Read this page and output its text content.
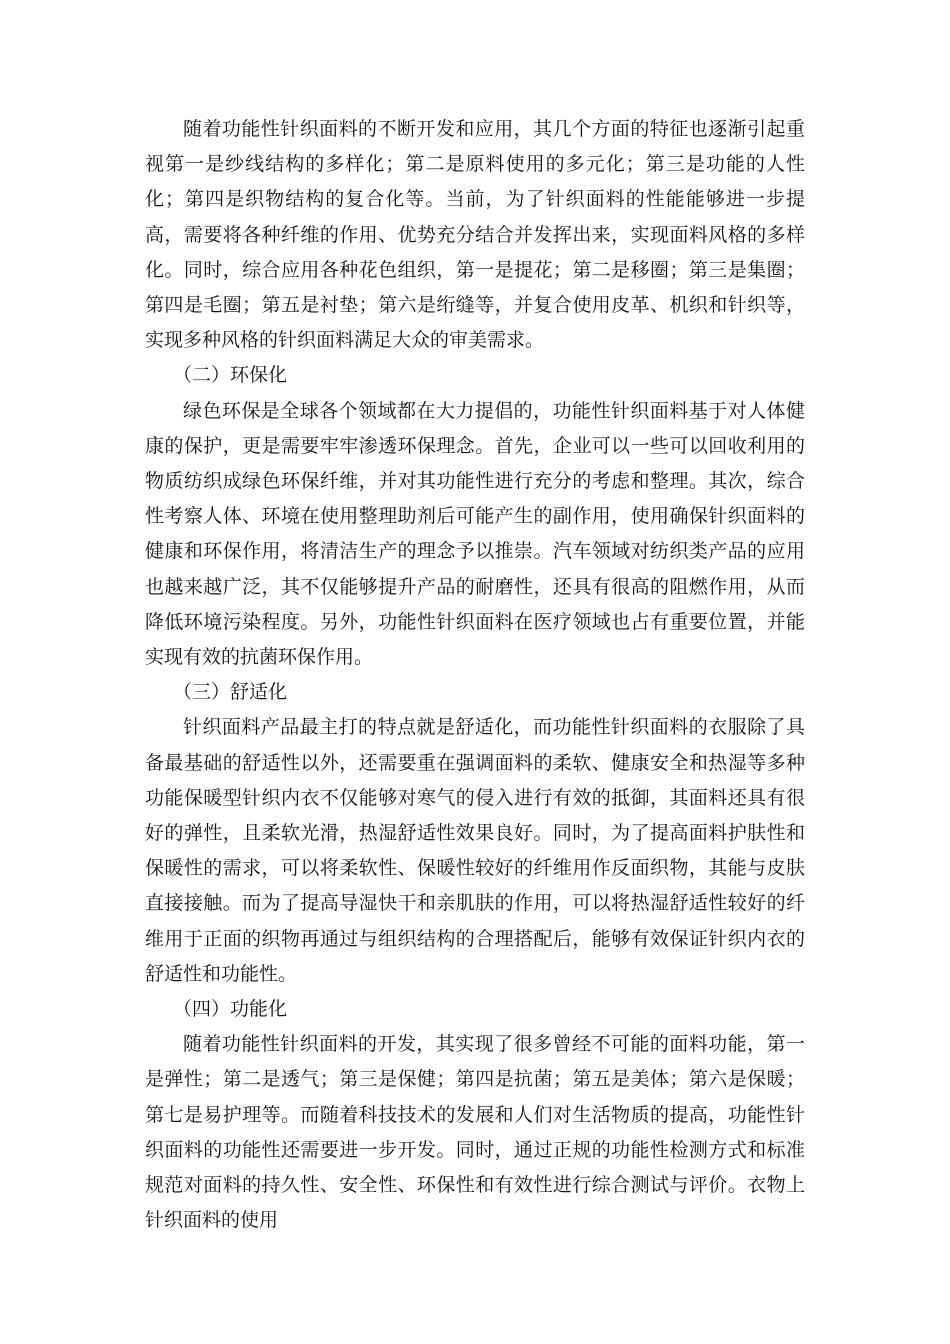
随着功能性针织面料的不断开发和应用，其几个方面的特征也逐渐引起重视第一是纱线结构的多样化；第二是原料使用的多元化；第三是功能的人性化；第四是织物结构的复合化等。当前，为了针织面料的性能能够进一步提高，需要将各种纤维的作用、优势充分结合并发挥出来，实现面料风格的多样化。同时，综合应用各种花色组织，第一是提花；第二是移圈；第三是集圈；第四是毛圈；第五是衬垫；第六是绗缝等，并复合使用皮革、机织和针织等，实现多种风格的针织面料满足大众的审美需求。

（二）环保化

绿色环保是全球各个领域都在大力提倡的，功能性针织面料基于对人体健康的保护，更是需要牢牢渗透环保理念。首先，企业可以一些可以回收利用的物质纺织成绿色环保纤维，并对其功能性进行充分的考虑和整理。其次，综合性考察人体、环境在使用整理助剂后可能产生的副作用，使用确保针织面料的健康和环保作用，将清洁生产的理念予以推崇。汽车领域对纺织类产品的应用也越来越广泛，其不仅能够提升产品的耐磨性，还具有很高的阻燃作用，从而降低环境污染程度。另外，功能性针织面料在医疗领域也占有重要位置，并能实现有效的抗菌环保作用。

（三）舒适化

针织面料产品最主打的特点就是舒适化，而功能性针织面料的衣服除了具备最基础的舒适性以外，还需要重在强调面料的柔软、健康安全和热湿等多种功能保暖型针织内衣不仅能够对寒气的侵入进行有效的抵御，其面料还具有很好的弹性，且柔软光滑，热湿舒适性效果良好。同时，为了提高面料护肤性和保暖性的需求，可以将柔软性、保暖性较好的纤维用作反面织物，其能与皮肤直接接触。而为了提高导湿快干和亲肌肤的作用，可以将热湿舒适性较好的纤维用于正面的织物再通过与组织结构的合理搭配后，能够有效保证针织内衣的舒适性和功能性。

（四）功能化

随着功能性针织面料的开发，其实现了很多曾经不可能的面料功能，第一是弹性；第二是透气；第三是保健；第四是抗菌；第五是美体；第六是保暖；第七是易护理等。而随着科技技术的发展和人们对生活物质的提高，功能性针织面料的功能性还需要进一步开发。同时，通过正规的功能性检测方式和标准规范对面料的持久性、安全性、环保性和有效性进行综合测试与评价。衣物上针织面料的使用
